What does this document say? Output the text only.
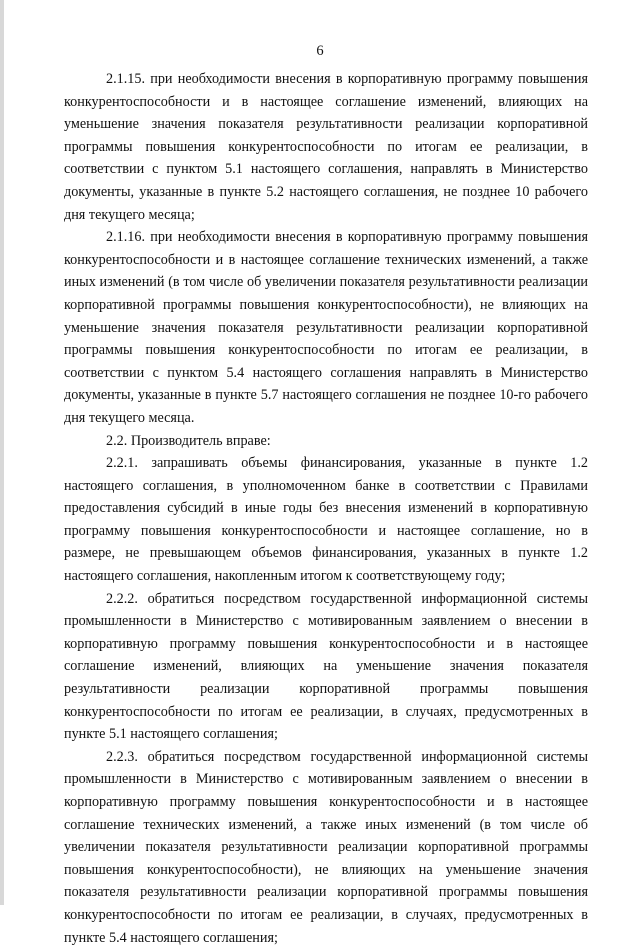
6

2.1.15. при необходимости внесения в корпоративную программу повышения конкурентоспособности и в настоящее соглашение изменений, влияющих на уменьшение значения показателя результативности реализации корпоративной программы повышения конкурентоспособности по итогам ее реализации, в соответствии с пунктом 5.1 настоящего соглашения, направлять в Министерство документы, указанные в пункте 5.2 настоящего соглашения, не позднее 10 рабочего дня текущего месяца;

2.1.16. при необходимости внесения в корпоративную программу повышения конкурентоспособности и в настоящее соглашение технических изменений, а также иных изменений (в том числе об увеличении показателя результативности реализации корпоративной программы повышения конкурентоспособности), не влияющих на уменьшение значения показателя результативности реализации корпоративной программы повышения конкурентоспособности по итогам ее реализации, в соответствии с пунктом 5.4 настоящего соглашения направлять в Министерство документы, указанные в пункте 5.7 настоящего соглашения не позднее 10-го рабочего дня текущего месяца.

2.2. Производитель вправе:

2.2.1. запрашивать объемы финансирования, указанные в пункте 1.2 настоящего соглашения, в уполномоченном банке в соответствии с Правилами предоставления субсидий в иные годы без внесения изменений в корпоративную программу повышения конкурентоспособности и настоящее соглашение, но в размере, не превышающем объемов финансирования, указанных в пункте 1.2 настоящего соглашения, накопленным итогом к соответствующему году;

2.2.2. обратиться посредством государственной информационной системы промышленности в Министерство с мотивированным заявлением о внесении в корпоративную программу повышения конкурентоспособности и в настоящее соглашение изменений, влияющих на уменьшение значения показателя результативности реализации корпоративной программы повышения конкурентоспособности по итогам ее реализации, в случаях, предусмотренных в пункте 5.1 настоящего соглашения;

2.2.3. обратиться посредством государственной информационной системы промышленности в Министерство с мотивированным заявлением о внесении в корпоративную программу повышения конкурентоспособности и в настоящее соглашение технических изменений, а также иных изменений (в том числе об увеличении показателя результативности реализации корпоративной программы повышения конкурентоспособности), не влияющих на уменьшение значения показателя результативности реализации корпоративной программы повышения конкурентоспособности по итогам ее реализации, в случаях, предусмотренных в пункте 5.4 настоящего соглашения;
